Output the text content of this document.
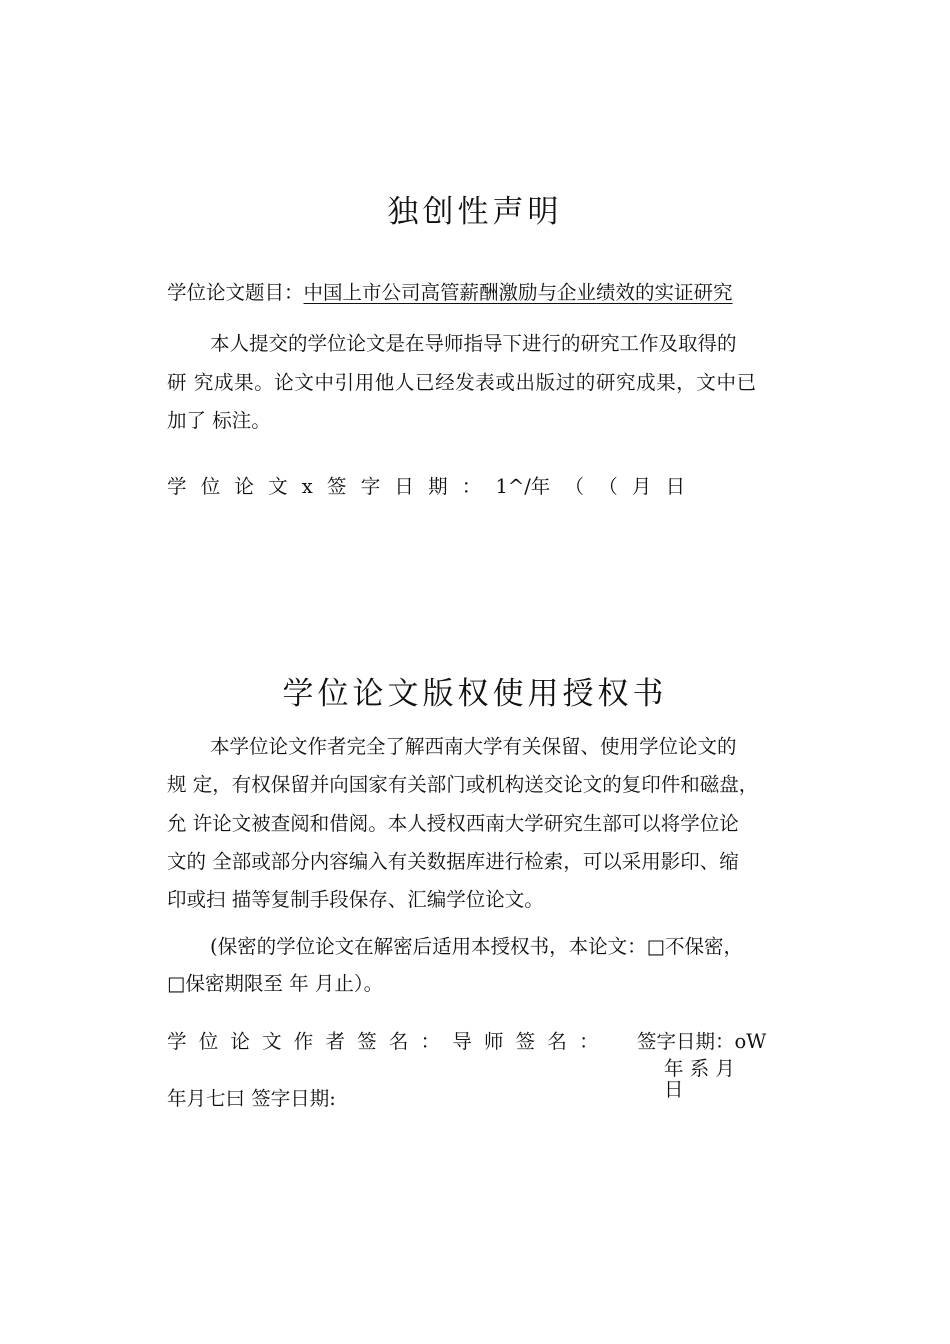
独创性声明
学位论文题目：中国上市公司高管薪酬激励与企业绩效的实证研究
本人提交的学位论文是在导师指导下进行的研究工作及取得的
研 究成果。论文中引用他人已经发表或出版过的研究成果，文中已
加了 标注。
学 位 论 文 x 签 字 日 期 ： 1^/年 （ （ 月 日
学位论文版权使用授权书
本学位论文作者完全了解西南大学有关保留、使用学位论文的
规 定，有权保留并向国家有关部门或机构送交论文的复印件和磁盘，
允 许论文被查阅和借阅。本人授权西南大学研究生部可以将学位论
文的 全部或部分内容编入有关数据库进行检索，可以采用影印、缩
印或扫 描等复制手段保存、汇编学位论文。
(保密的学位论文在解密后适用本授权书，本论文：□不保密，
□保密期限至 年 月止）。
学 位 论 文 作 者 签 名 ： 导 师 签 名 ： 签字日期：oW
年 系 月
日
年月七曰 签字日期:
